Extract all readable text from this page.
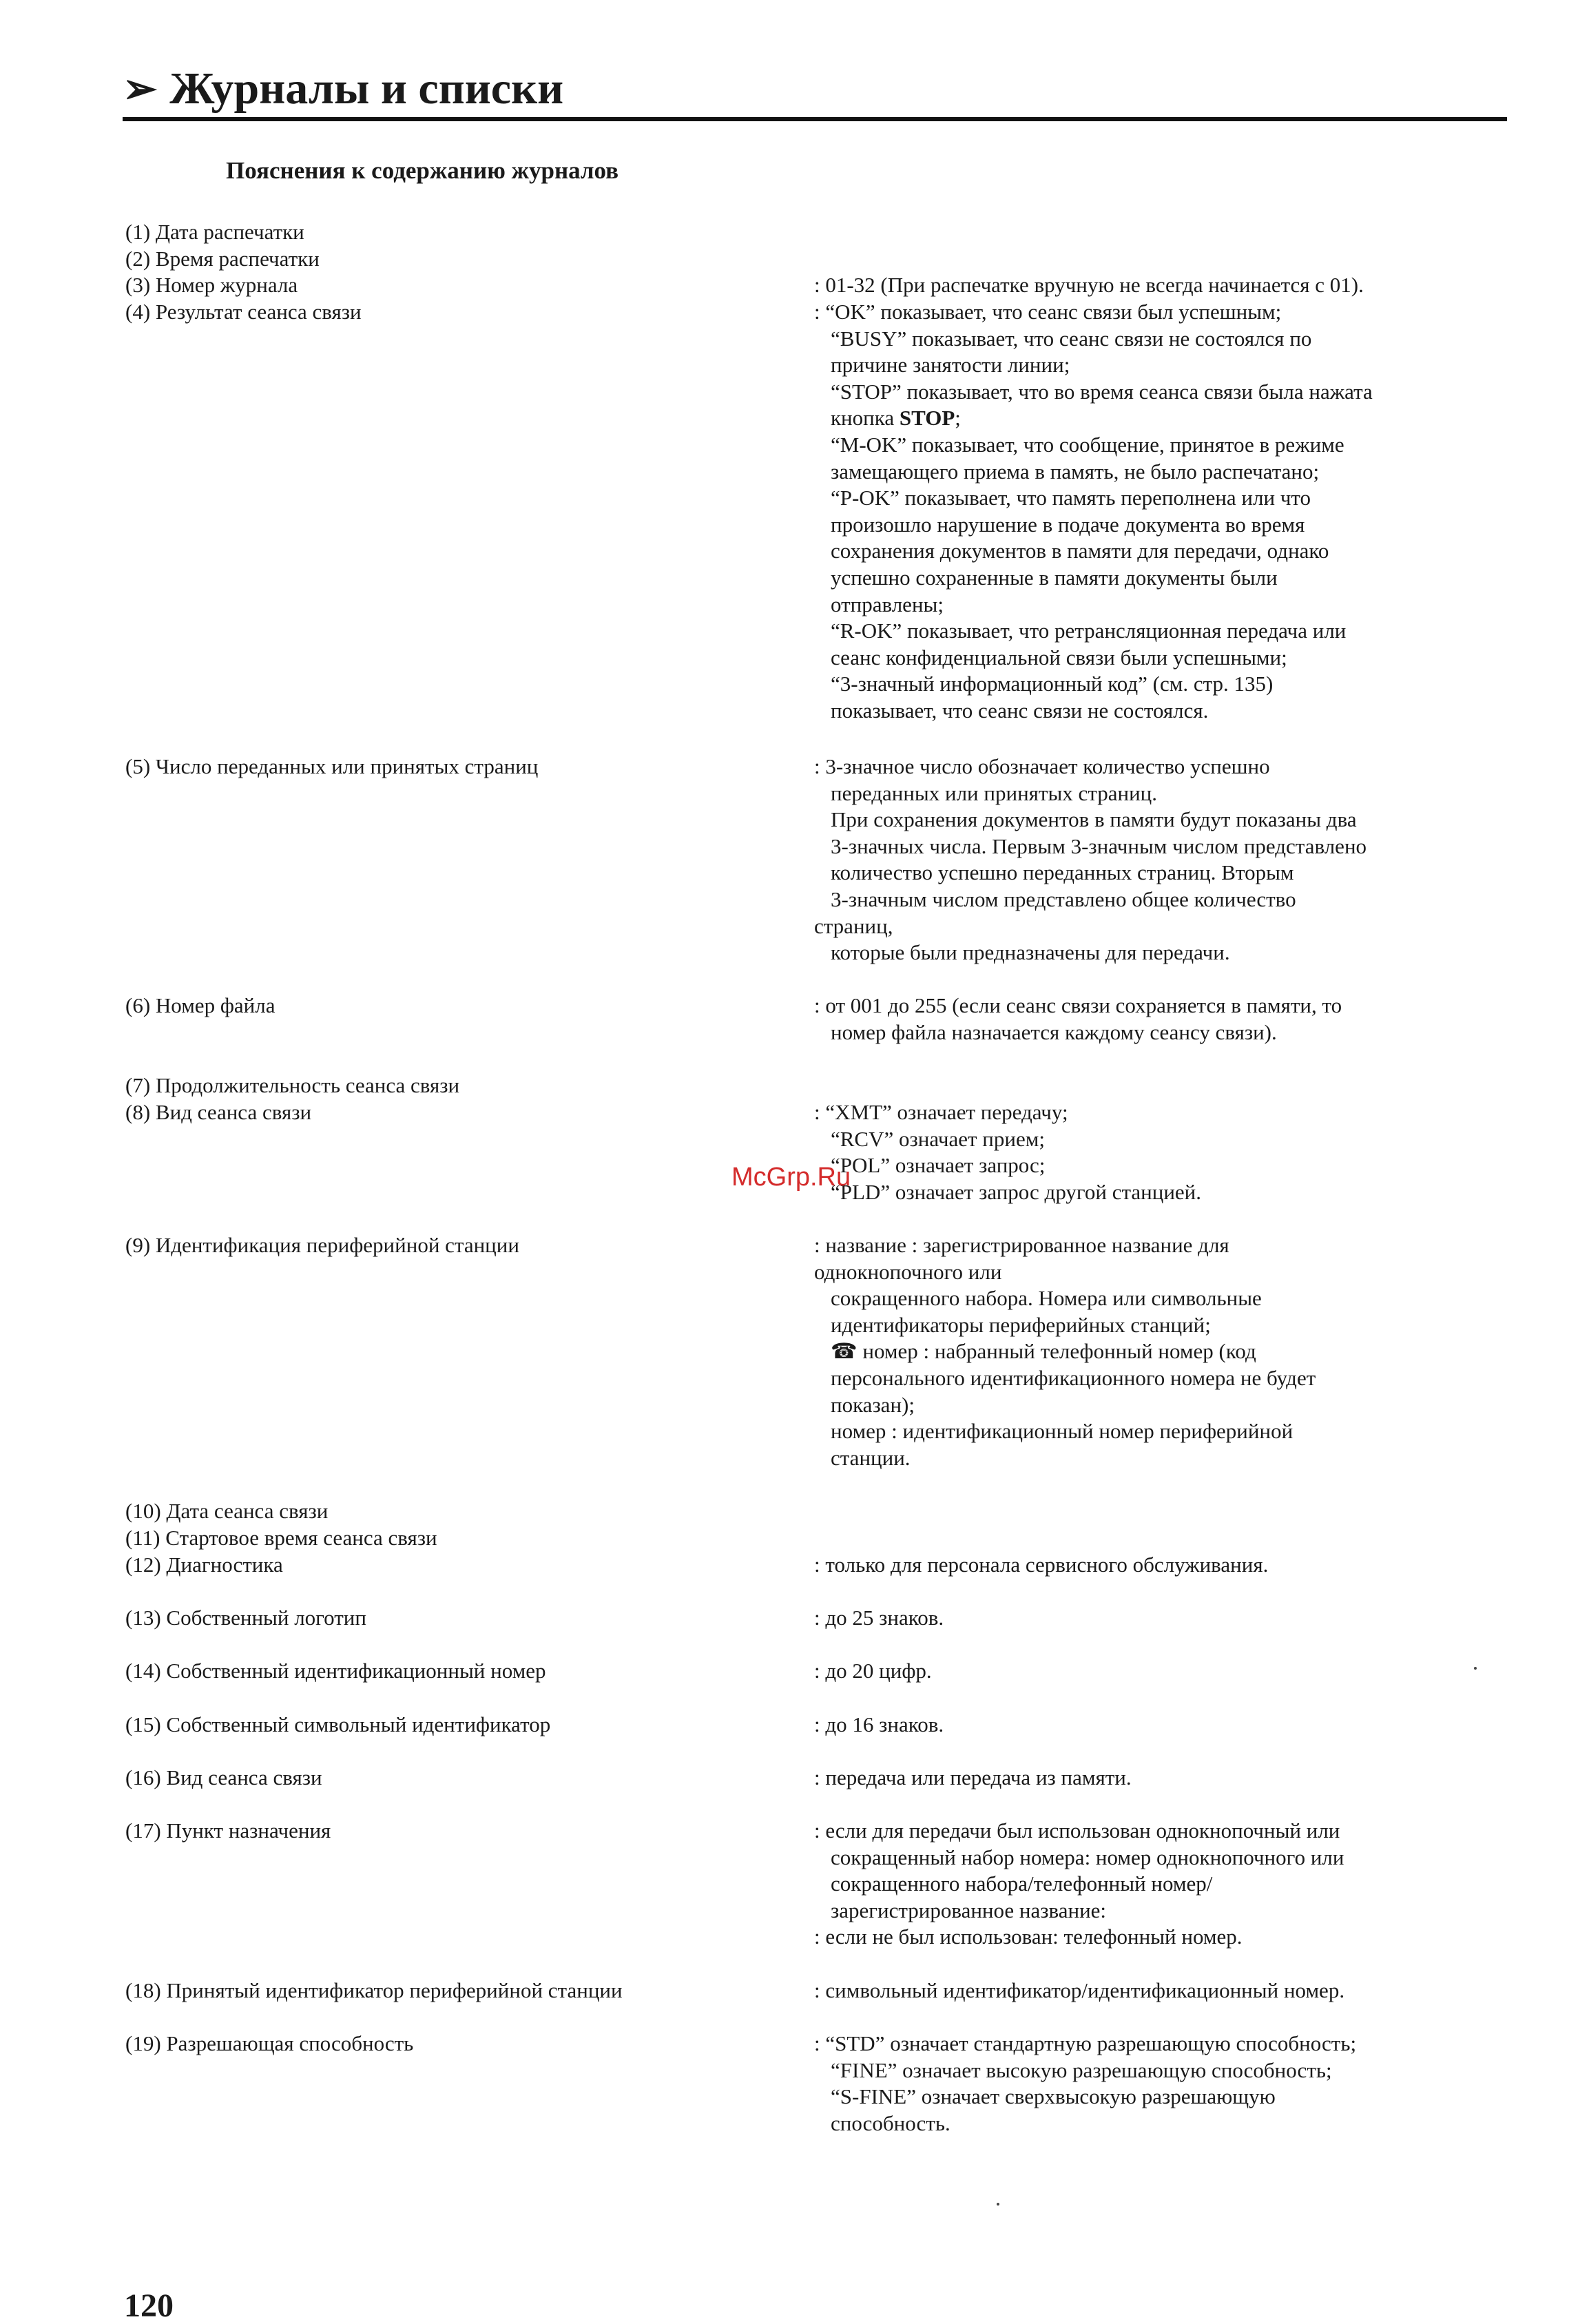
➢ Журналы и списки
Пояснения к содержанию журналов
(1) Дата распечатки
(2) Время распечатки
(3) Номер журнала	: 01-32 (При распечатке вручную не всегда начинается с 01).
(4) Результат сеанса связи	: “OK” показывает, что сеанс связи был успешным;
“BUSY” показывает, что сеанс связи не состоялся по
причине занятости линии;
“STOP” показывает, что во время сеанса связи была нажата
кнопка STOP;
“M-OK” показывает, что сообщение, принятое в режиме
замещающего приема в память, не было распечатано;
“P-OK” показывает, что память переполнена или что
произошло нарушение в подаче документа во время
сохранения документов в памяти для передачи, однако
успешно сохраненные в памяти документы были
отправлены;
“R-OK” показывает, что ретрансляционная передача или
сеанс конфиденциальной связи были успешными;
“3-значный информационный код” (см. стр. 135)
показывает, что сеанс связи не состоялся.
(5) Число переданных или принятых страниц	: 3-значное число обозначает количество успешно
переданных или принятых страниц.
При сохранения документов в памяти будут показаны два
3-значных числа. Первым 3-значным числом представлено
количество успешно переданных страниц. Вторым
3-значным числом представлено общее количество
страниц,
которые были предназначены для передачи.
(6) Номер файла	: от 001 до 255 (если сеанс связи сохраняется в памяти, то
номер файла назначается каждому сеансу связи).
(7) Продолжительность сеанса связи
(8) Вид сеанса связи	: “XMT” означает передачу;
“RCV” означает прием;
“POL” означает запрос;
“PLD” означает запрос другой станцией.
(9) Идентификация периферийной станции	: название : зарегистрированное название для
однокнопочного или
сокращенного набора. Номера или символьные
идентификаторы периферийных станций;
☎ номер : набранный телефонный номер (код
персонального идентификационного номера не будет
показан);
номер : идентификационный номер периферийной
станции.
(10) Дата сеанса связи
(11) Стартовое время сеанса связи
(12) Диагностика	: только для персонала сервисного обслуживания.
(13) Собственный логотип	: до 25 знаков.
(14) Собственный идентификационный номер	: до 20 цифр.
(15) Собственный символьный идентификатор	: до 16 знаков.
(16) Вид сеанса связи	: передача или передача из памяти.
(17) Пункт назначения	: если для передачи был использован однокнопочный или
сокращенный набор номера: номер однокнопочного или
сокращенного набора/телефонный номер/
зарегистрированное название:
: если не был использован: телефонный номер.
(18) Принятый идентификатор периферийной станции	: символьный идентификатор/идентификационный номер.
(19) Разрешающая способность	: “STD” означает стандартную разрешающую способность;
“FINE” означает высокую разрешающую способность;
“S-FINE” означает сверхвысокую разрешающую
способность.
McGrp.Ru
120
